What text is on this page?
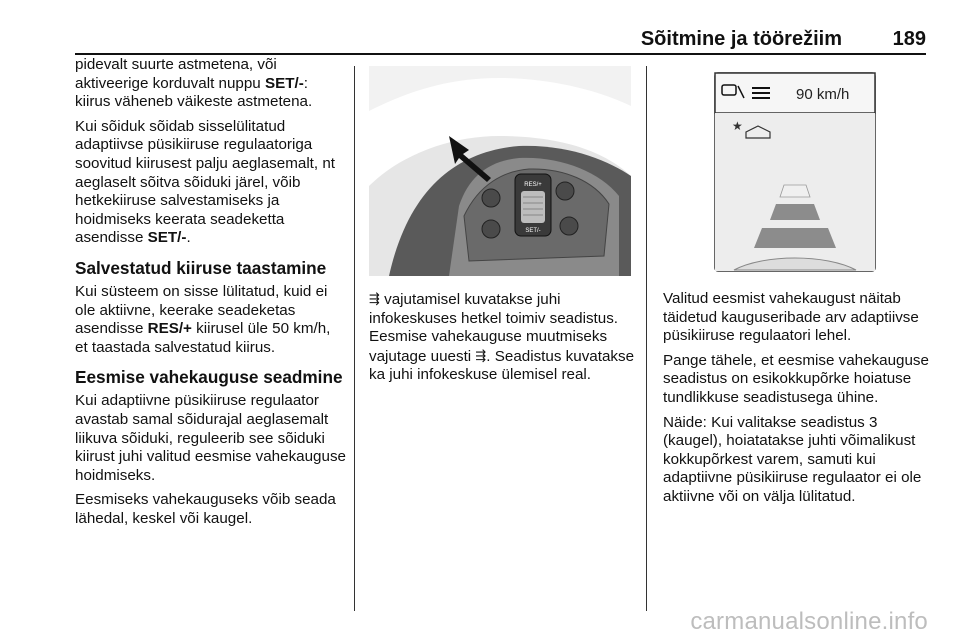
Sõitmine ja töörežiim	189

pidevalt suurte astmetena, või aktiveerige korduvalt nuppu SET/-: kiirus väheneb väikeste astmetena.

Kui sõiduk sõidab sisselülitatud adaptiivse püsikiiruse regulaatoriga soovitud kiirusest palju aeglasemalt, nt aeglaselt sõitva sõiduki järel, võib hetkekiiruse salvestamiseks ja hoidmiseks keerata seadeketta asendisse SET/-.

Salvestatud kiiruse taastamine

Kui süsteem on sisse lülitatud, kuid ei ole aktiivne, keerake seadeketas asendisse RES/+ kiirusel üle 50 km/h, et taastada salvestatud kiirus.

Eesmise vahekauguse seadmine

Kui adaptiivne püsikiiruse regulaator avastab samal sõidurajal aeglasemalt liikuva sõiduki, reguleerib see sõiduki kiirust juhi valitud eesmise vahekauguse hoidmiseks.

Eesmiseks vahekauguseks võib seada lähedal, keskel või kaugel.

RES/+
SET/-

⇶ vajutamisel kuvatakse juhi infokeskuses hetkel toimiv seadistus. Eesmise vahekauguse muutmiseks vajutage uuesti ⇶. Seadistus kuvatakse ka juhi infokeskuse ülemisel real.

90 km/h
★

Valitud eesmist vahekaugust näitab täidetud kauguseribade arv adaptiivse püsikiiruse regulaatori lehel.

Pange tähele, et eesmise vahekauguse seadistus on esikokkupõrke hoiatuse tundlikkuse seadistusega ühine.

Näide: Kui valitakse seadistus 3 (kaugel), hoiatatakse juhti võimalikust kokkupõrkest varem, samuti kui adaptiivne püsikiiruse regulaator ei ole aktiivne või on välja lülitatud.

carmanualsonline.info
